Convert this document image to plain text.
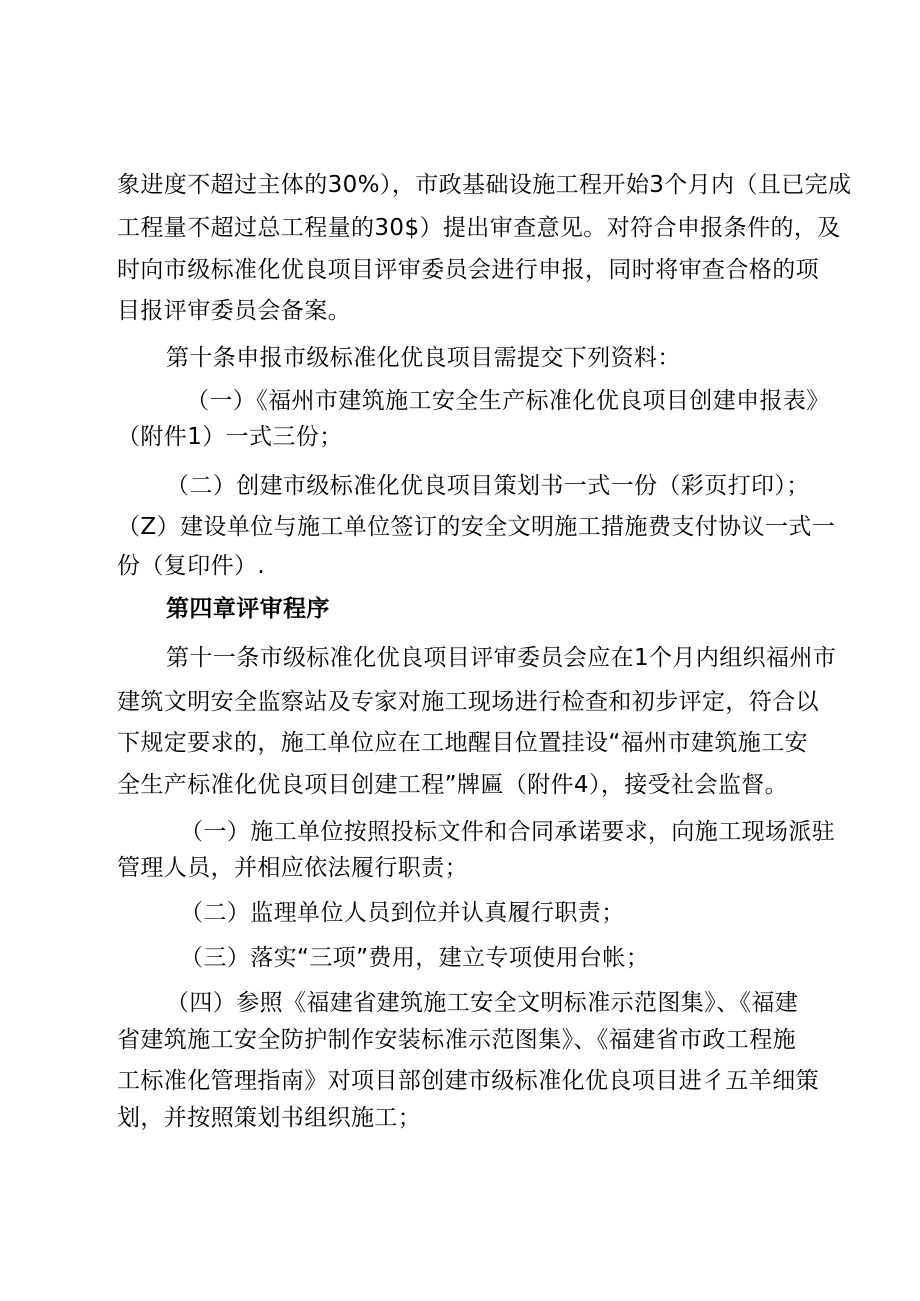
象进度不超过主体的30%），市政基础设施工程开始3个月内（且已完成
工程量不超过总工程量的30$）提出审查意见。对符合申报条件的，及
时向市级标准化优良项目评审委员会进行申报，同时将审查合格的项
目报评审委员会备案。
第十条申报市级标准化优良项目需提交下列资料：
（一）《福州市建筑施工安全生产标准化优良项目创建申报表》
（附件1）一式三份；
（二）创建市级标准化优良项目策划书一式一份（彩页打印）；
（Z）建设单位与施工单位签订的安全文明施工措施费支付协议一式一
份（复印件）.
第四章评审程序
第十一条市级标准化优良项目评审委员会应在1个月内组织福州市
建筑文明安全监察站及专家对施工现场进行检查和初步评定，符合以
下规定要求的，施工单位应在工地醒目位置挂设“福州市建筑施工安
全生产标准化优良项目创建工程”牌匾（附件4），接受社会监督。
（一）施工单位按照投标文件和合同承诺要求，向施工现场派驻
管理人员，并相应依法履行职责；
（二）监理单位人员到位并认真履行职责；
（三）落实“三项”费用，建立专项使用台帐；
（四）参照《福建省建筑施工安全文明标准示范图集》、《福建
省建筑施工安全防护制作安装标准示范图集》、《福建省市政工程施
工标准化管理指南》对项目部创建市级标准化优良项目进彳五羊细策
划，并按照策划书组织施工；
